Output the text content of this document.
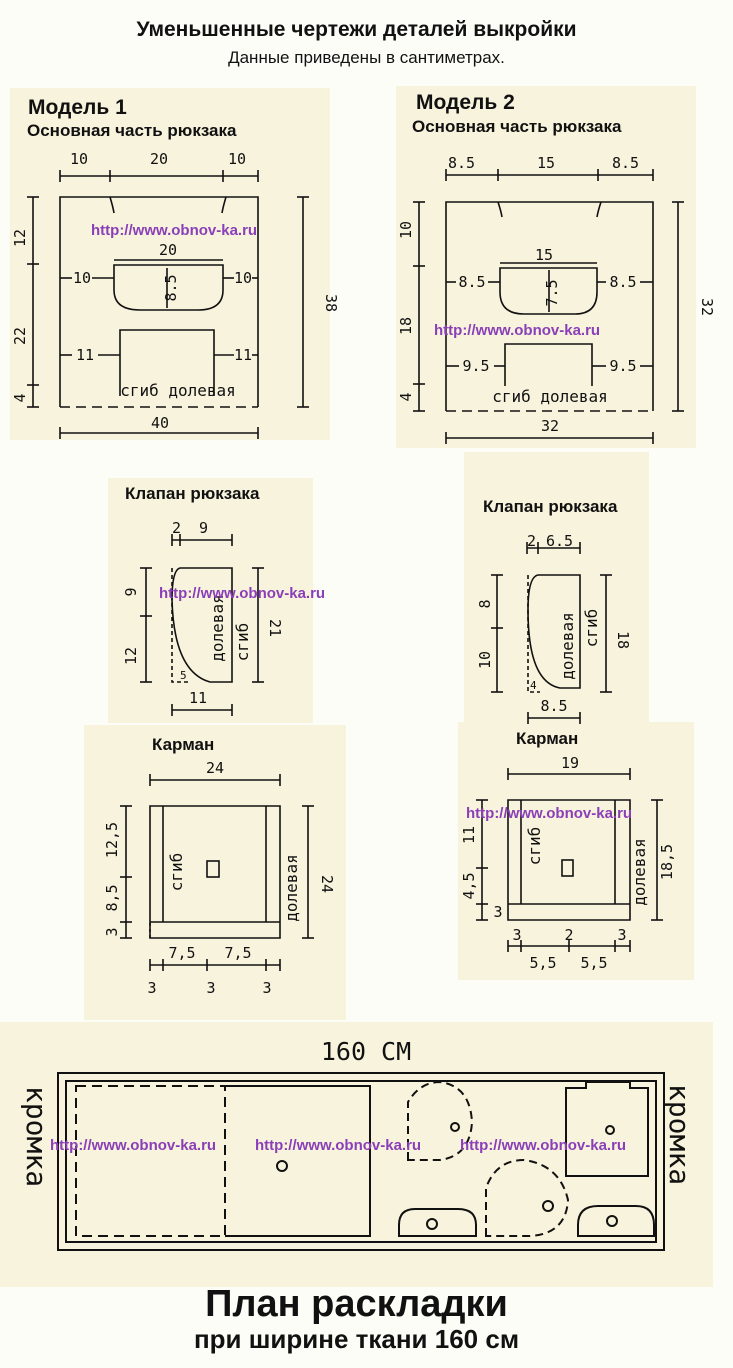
Уменьшенные чертежи деталей выкройки
Данные приведены в сантиметрах.
Модель 1
Основная часть рюкзака
Клапан рюкзака
Карман
Модель 2
Основная часть рюкзака
Клапан рюкзака
Карман
10	20	10
12
22
4
38
40
20
10	10
8.5
11	11
сгиб долевая
8.5	15	8.5
10
18
4
32
32
15
8.5	8.5
7.5
9.5	9.5
сгиб долевая
2 9
9
12
21
11
5
долевая сгиб
2 6.5
8
10
18
8.5
4
долевая сгиб
24
12,5
8,5
3
24
7,5 7,5
3	3	3
сгиб	долевая
19
11
4,5
3
18,5
3	2	3
5,5 5,5
сгиб	долевая
160 СМ
кромка	кромка
http://www.obnov-ka.ru
http://www.obnov-ka.ru
http://www.obnov-ka.ru
http://www.obnov-ka.ru
http://www.obnov-ka.ru	http://www.obnov-ka.ru	http://www.obnov-ka.ru
План раскладки
при ширине ткани 160 см
